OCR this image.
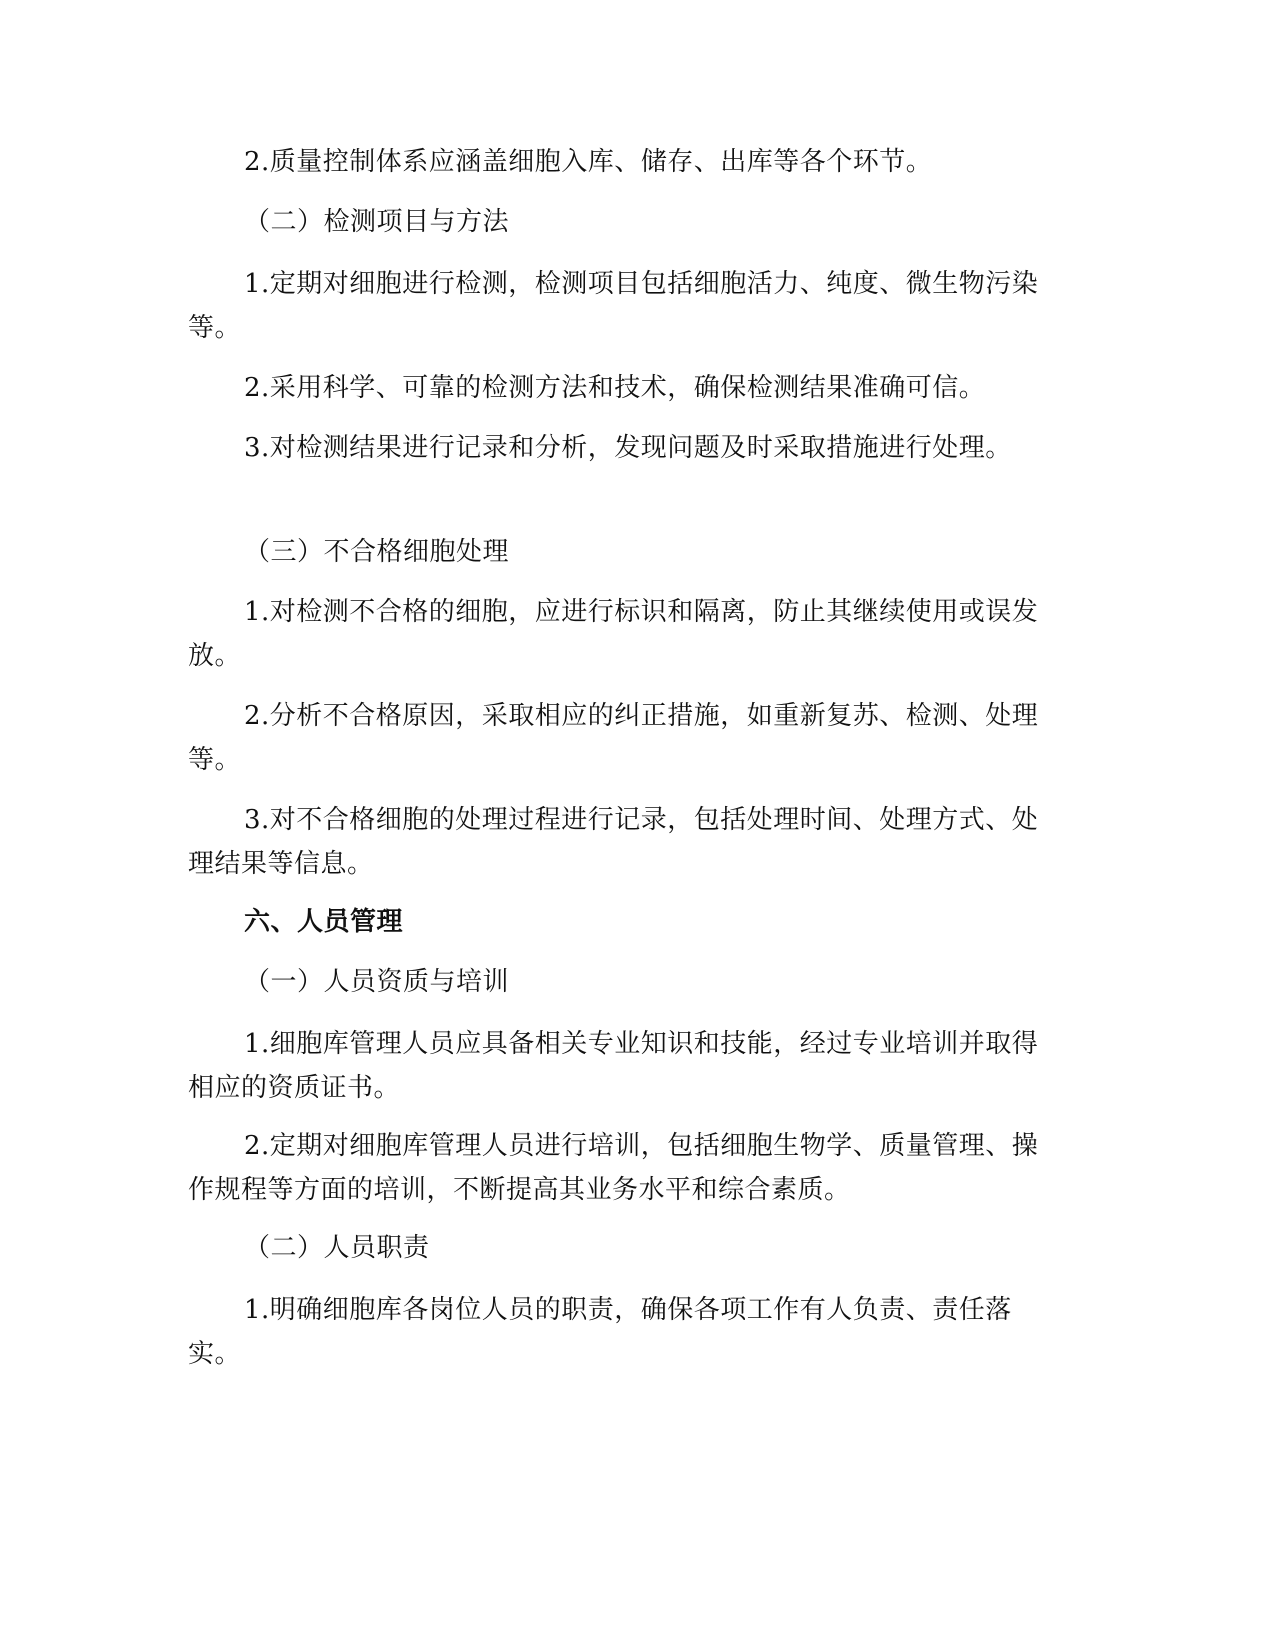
2.质量控制体系应涵盖细胞入库、储存、出库等各个环节。
（二）检测项目与方法
1.定期对细胞进行检测，检测项目包括细胞活力、纯度、微生物污染等。
2.采用科学、可靠的检测方法和技术，确保检测结果准确可信。
3.对检测结果进行记录和分析，发现问题及时采取措施进行处理。
（三）不合格细胞处理
1.对检测不合格的细胞，应进行标识和隔离，防止其继续使用或误发放。
2.分析不合格原因，采取相应的纠正措施，如重新复苏、检测、处理等。
3.对不合格细胞的处理过程进行记录，包括处理时间、处理方式、处理结果等信息。
六、人员管理
（一）人员资质与培训
1.细胞库管理人员应具备相关专业知识和技能，经过专业培训并取得相应的资质证书。
2.定期对细胞库管理人员进行培训，包括细胞生物学、质量管理、操作规程等方面的培训，不断提高其业务水平和综合素质。
（二）人员职责
1.明确细胞库各岗位人员的职责，确保各项工作有人负责、责任落实。
